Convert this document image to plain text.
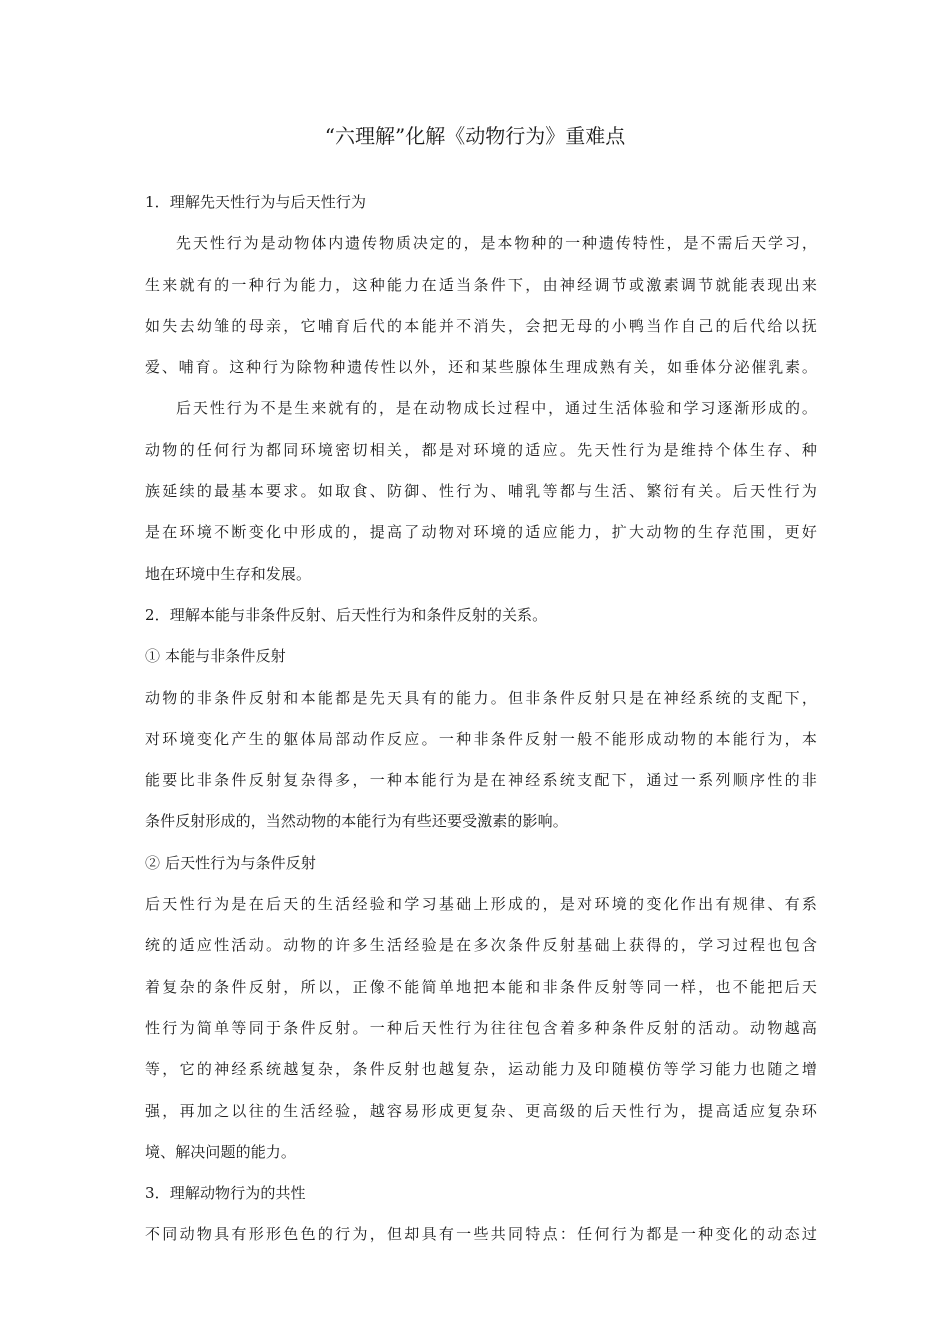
“六理解”化解《动物行为》重难点
1．理解先天性行为与后天性行为
先天性行为是动物体内遗传物质决定的，是本物种的一种遗传特性，是不需后天学习，
生来就有的一种行为能力，这种能力在适当条件下，由神经调节或激素调节就能表现出来
如失去幼雏的母亲，它哺育后代的本能并不消失，会把无母的小鸭当作自己的后代给以抚
爱、哺育。这种行为除物种遗传性以外，还和某些腺体生理成熟有关，如垂体分泌催乳素。
后天性行为不是生来就有的，是在动物成长过程中，通过生活体验和学习逐渐形成的。
动物的任何行为都同环境密切相关，都是对环境的适应。先天性行为是维持个体生存、种
族延续的最基本要求。如取食、防御、性行为、哺乳等都与生活、繁衍有关。后天性行为
是在环境不断变化中形成的，提高了动物对环境的适应能力，扩大动物的生存范围，更好
地在环境中生存和发展。
2．理解本能与非条件反射、后天性行为和条件反射的关系。
① 本能与非条件反射
动物的非条件反射和本能都是先天具有的能力。但非条件反射只是在神经系统的支配下，
对环境变化产生的躯体局部动作反应。一种非条件反射一般不能形成动物的本能行为，本
能要比非条件反射复杂得多，一种本能行为是在神经系统支配下，通过一系列顺序性的非
条件反射形成的，当然动物的本能行为有些还要受激素的影响。
② 后天性行为与条件反射
后天性行为是在后天的生活经验和学习基础上形成的，是对环境的变化作出有规律、有系
统的适应性活动。动物的许多生活经验是在多次条件反射基础上获得的，学习过程也包含
着复杂的条件反射，所以，正像不能简单地把本能和非条件反射等同一样，也不能把后天
性行为简单等同于条件反射。一种后天性行为往往包含着多种条件反射的活动。动物越高
等，它的神经系统越复杂，条件反射也越复杂，运动能力及印随模仿等学习能力也随之增
强，再加之以往的生活经验，越容易形成更复杂、更高级的后天性行为，提高适应复杂环
境、解决问题的能力。
3．理解动物行为的共性
不同动物具有形形色色的行为，但却具有一些共同特点：任何行为都是一种变化的动态过
